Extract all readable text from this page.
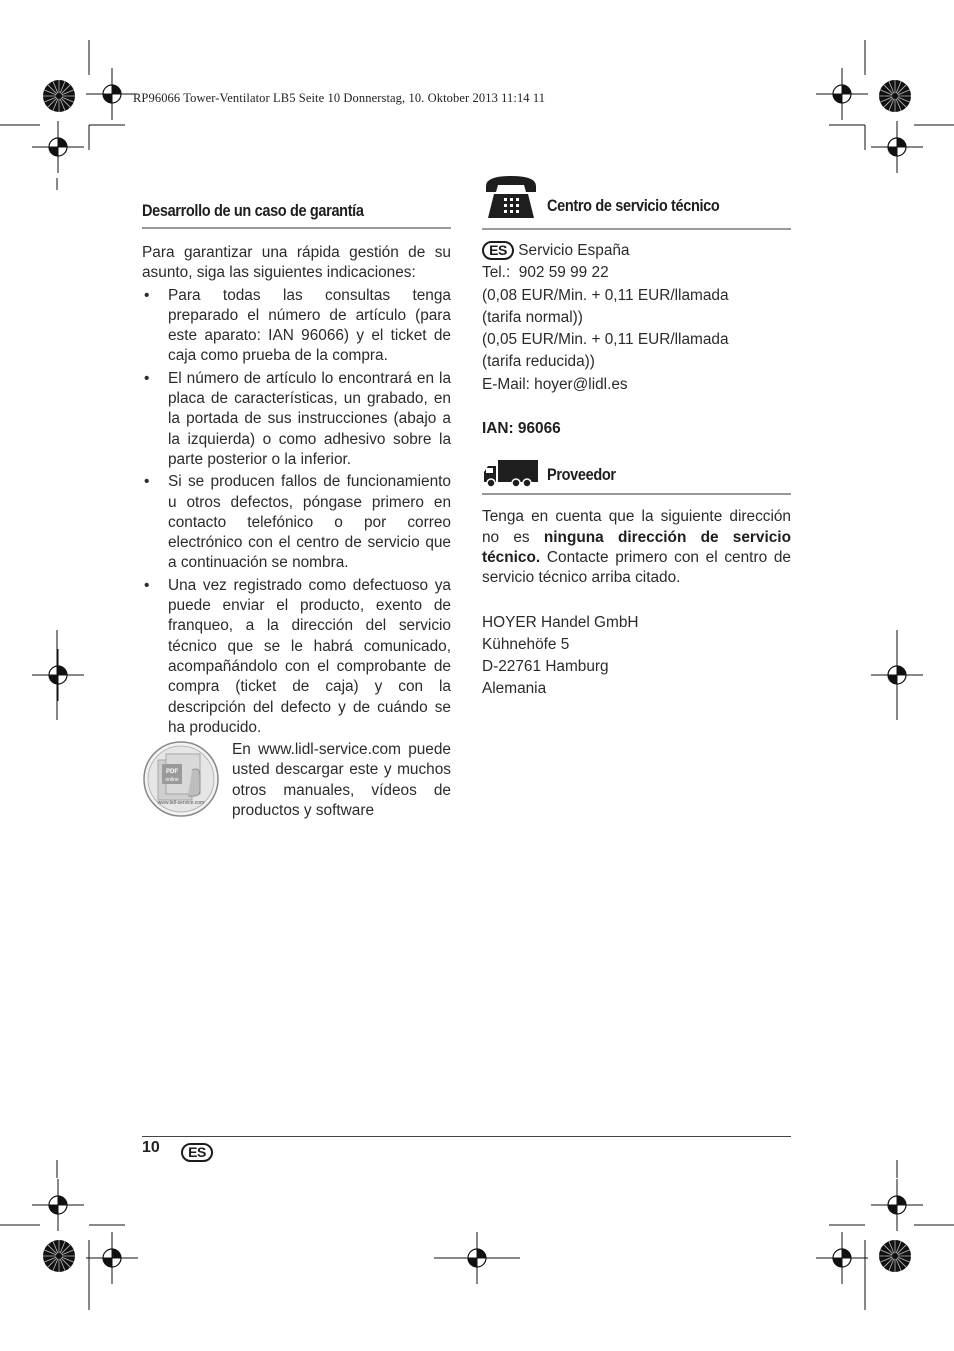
RP96066 Tower-Ventilator LB5 Seite 10 Donnerstag, 10. Oktober 2013 11:14 11
Desarrollo de un caso de garantía
Para garantizar una rápida gestión de su asunto, siga las siguientes indicaciones:
• Para todas las consultas tenga preparado el número de artículo (para este aparato: IAN 96066) y el ticket de caja como prueba de la compra.
• El número de artículo lo encontrará en la placa de características, un grabado, en la portada de sus instrucciones (abajo a la izquierda) o como adhesivo sobre la parte posterior o la inferior.
• Si se producen fallos de funcionamiento u otros defectos, póngase primero en contacto telefónico o por correo electrónico con el centro de servicio que a continuación se nombra.
• Una vez registrado como defectuoso ya puede enviar el producto, exento de franqueo, a la dirección del servicio técnico que se le habrá comunicado, acompañándolo con el comprobante de compra (ticket de caja) y con la descripción del defecto y de cuándo se ha producido.
PDF
online
www.lidl-service.com
En www.lidl-service.com puede usted descargar este y muchos otros manuales, vídeos de productos y software
Centro de servicio técnico
ES Servicio España
Tel.:  902 59 99 22
(0,08 EUR/Min. + 0,11 EUR/llamada
(tarifa normal))
(0,05 EUR/Min. + 0,11 EUR/llamada
(tarifa reducida))
E-Mail: hoyer@lidl.es
IAN: 96066
Proveedor
Tenga en cuenta que la siguiente dirección no es ninguna dirección de servicio técnico. Contacte primero con el centro de servicio técnico arriba citado.
HOYER Handel GmbH
Kühnehöfe 5
D-22761 Hamburg
Alemania
10	ES
